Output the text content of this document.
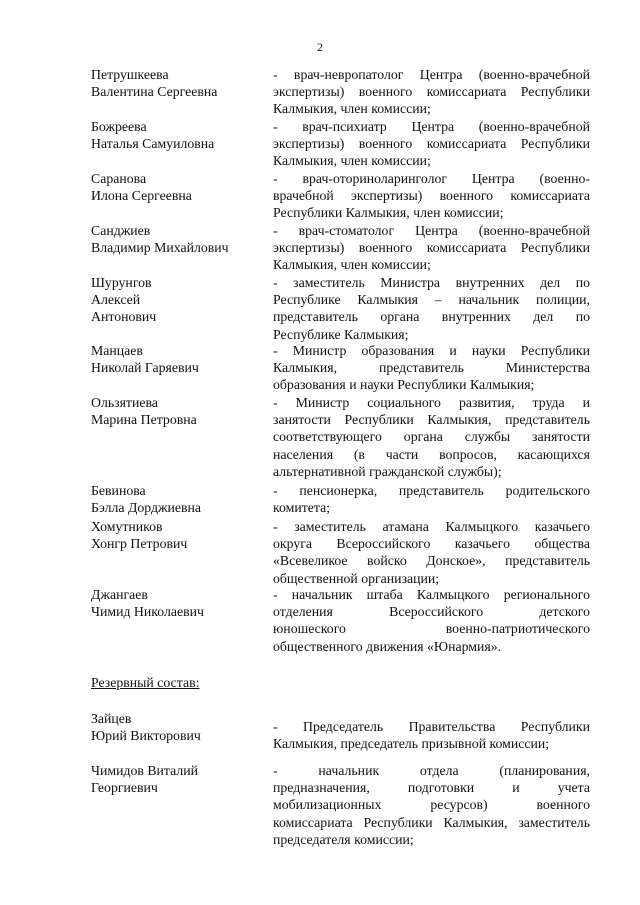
2
Петрушкеева
Валентина Сергеевна
- врач-невропатолог Центра (военно-врачебной
экспертизы) военного комиссариата Республики
Калмыкия, член комиссии;
Божреева
Наталья Самуиловна
- врач-психиатр Центра (военно-врачебной
экспертизы) военного комиссариата Республики
Калмыкия, член комиссии;
Саранова
Илона Сергеевна
- врач-оториноларинголог Центра (военно-
врачебной экспертизы) военного комиссариата
Республики Калмыкия, член комиссии;
Санджиев
Владимир Михайлович
- врач-стоматолог Центра (военно-врачебной
экспертизы) военного комиссариата Республики
Калмыкия, член комиссии;
Шурунгов
Алексей
Антонович
- заместитель Министра внутренних дел по
Республике Калмыкия – начальник полиции,
представитель органа внутренних дел по
Республике Калмыкия;
Манцаев
Николай Гаряевич
- Министр образования и науки Республики
Калмыкия, представитель Министерства
образования и науки Республики Калмыкия;
Ользятиева
Марина Петровна
- Министр социального развития, труда и
занятости Республики Калмыкия, представитель
соответствующего органа службы занятости
населения (в части вопросов, касающихся
альтернативной гражданской службы);
Бевинова
Бэлла Дорджиевна
- пенсионерка, представитель родительского
комитета;
Хомутников
Хонгр Петрович
- заместитель атамана Калмыцкого казачьего
округа Всероссийского казачьего общества
«Всевеликое войско Донское», представитель
общественной организации;
Джангаев
Чимид Николаевич
- начальник штаба Калмыцкого регионального
отделения Всероссийского детского
юношеского военно-патриотического
общественного движения «Юнармия».
Резервный состав:
Зайцев
Юрий Викторович
- Председатель Правительства Республики
Калмыкия, председатель призывной комиссии;
Чимидов Виталий
Георгиевич
- начальник отдела (планирования,
предназначения, подготовки и учета
мобилизационных ресурсов) военного
комиссариата Республики Калмыкия, заместитель
председателя комиссии;
